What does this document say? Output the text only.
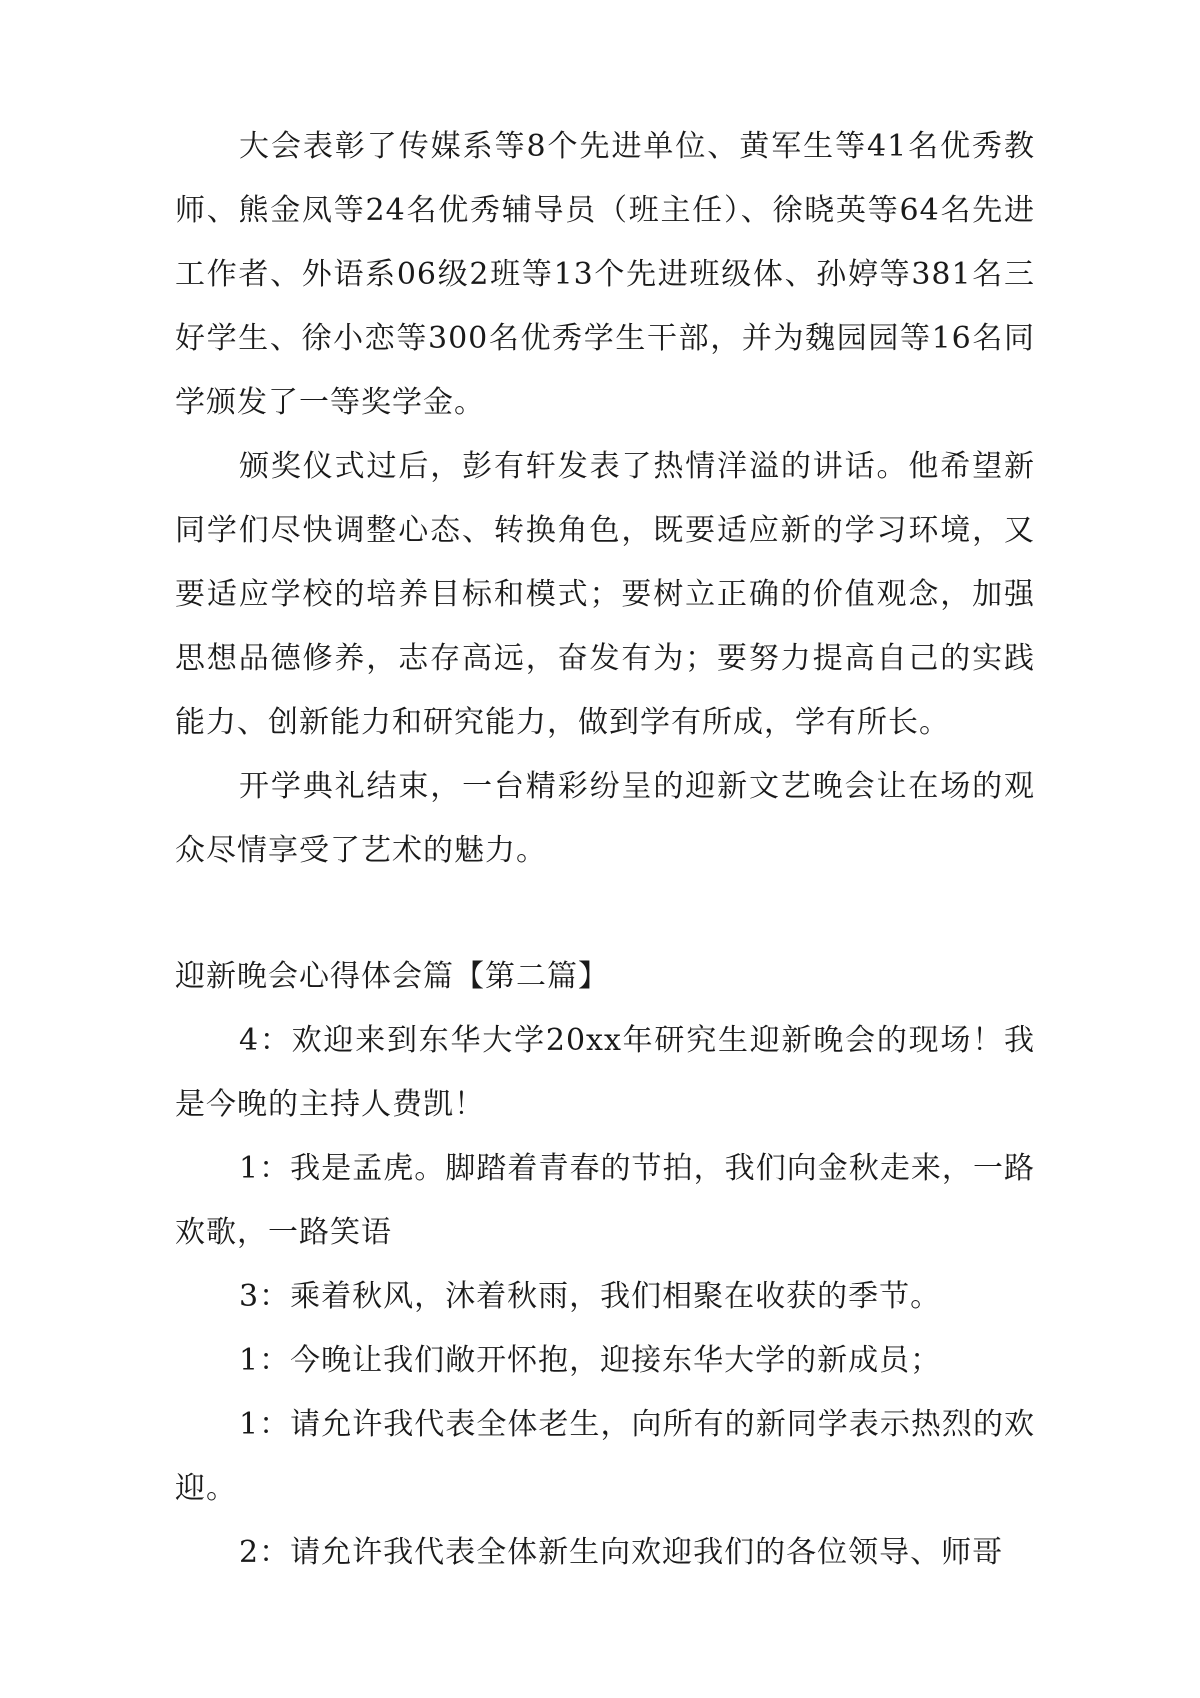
大会表彰了传媒系等8个先进单位、黄军生等41名优秀教师、熊金凤等24名优秀辅导员（班主任）、徐晓英等64名先进工作者、外语系06级2班等13个先进班级体、孙婷等381名三好学生、徐小恋等300名优秀学生干部，并为魏园园等16名同学颁发了一等奖学金。

颁奖仪式过后，彭有轩发表了热情洋溢的讲话。他希望新同学们尽快调整心态、转换角色，既要适应新的学习环境，又要适应学校的培养目标和模式；要树立正确的价值观念，加强思想品德修养，志存高远，奋发有为；要努力提高自己的实践能力、创新能力和研究能力，做到学有所成，学有所长。

开学典礼结束，一台精彩纷呈的迎新文艺晚会让在场的观众尽情享受了艺术的魅力。

迎新晚会心得体会篇【第二篇】

4：欢迎来到东华大学20xx年研究生迎新晚会的现场！我是今晚的主持人费凯！

1：我是孟虎。脚踏着青春的节拍，我们向金秋走来，一路欢歌，一路笑语

3：乘着秋风，沐着秋雨，我们相聚在收获的季节。

1：今晚让我们敞开怀抱，迎接东华大学的新成员；

1：请允许我代表全体老生，向所有的新同学表示热烈的欢迎。

2：请允许我代表全体新生向欢迎我们的各位领导、师哥
